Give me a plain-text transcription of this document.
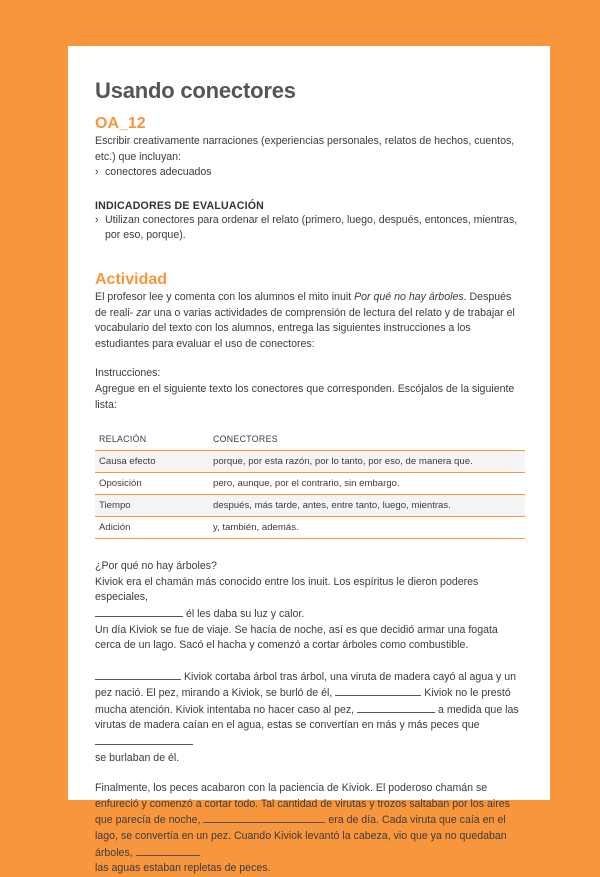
Usando conectores
OA_12

Escribir creativamente narraciones (experiencias personales, relatos de hechos, cuentos, etc.) que incluyan:

› conectores adecuados
INDICADORES DE EVALUACIÓN
› Utilizan conectores para ordenar el relato (primero, luego, después, entonces, mientras, por eso, porque).
Actividad

El profesor lee y comenta con los alumnos el mito inuit Por qué no hay árboles. Después de reali- zar una o varias actividades de comprensión de lectura del relato y de trabajar el vocabulario del texto con los alumnos, entrega las siguientes instrucciones a los estudiantes para evaluar el uso de conectores:

Instrucciones:

Agregue en el siguiente texto los conectores que corresponden. Escójalos de la siguiente lista:

RELACIÓN	CONECTORES
Causa efecto	porque, por esta razón, por lo tanto, por eso, de manera que.
Oposición	pero, aunque, por el contrario, sin embargo.
Tiempo	después, más tarde, antes, entre tanto, luego, mientras.
Adición	y, también, además.

¿Por qué no hay árboles?

Kiviok era el chamán más conocido entre los inuit. Los espíritus le dieron poderes especiales,
él les daba su luz y calor.
Un día Kiviok se fue de viaje. Se hacía de noche, así es que decidió armar una fogata cerca de un lago. Sacó el hacha y comenzó a cortar árboles como combustible.

Kiviok cortaba árbol tras árbol, una viruta de madera cayó al agua y un pez nació. El pez, mirando a Kiviok, se burló de él,	Kiviok no le prestó mucha atención. Kiviok intentaba no hacer caso al pez,	a medida que las virutas de madera caían en el agua, estas se convertían en más y más peces que
se burlaban de él.

Finalmente, los peces acabaron con la paciencia de Kiviok. El poderoso chamán se enfureció y comenzó a cortar todo. Tal cantidad de virutas y trozos saltaban por los aires que parecía de noche,	era de día. Cada viruta que caía en el lago, se convertía en un pez. Cuando Kiviok levantó la cabeza, vio que ya no quedaban árboles,
las aguas estaban repletas de peces.
